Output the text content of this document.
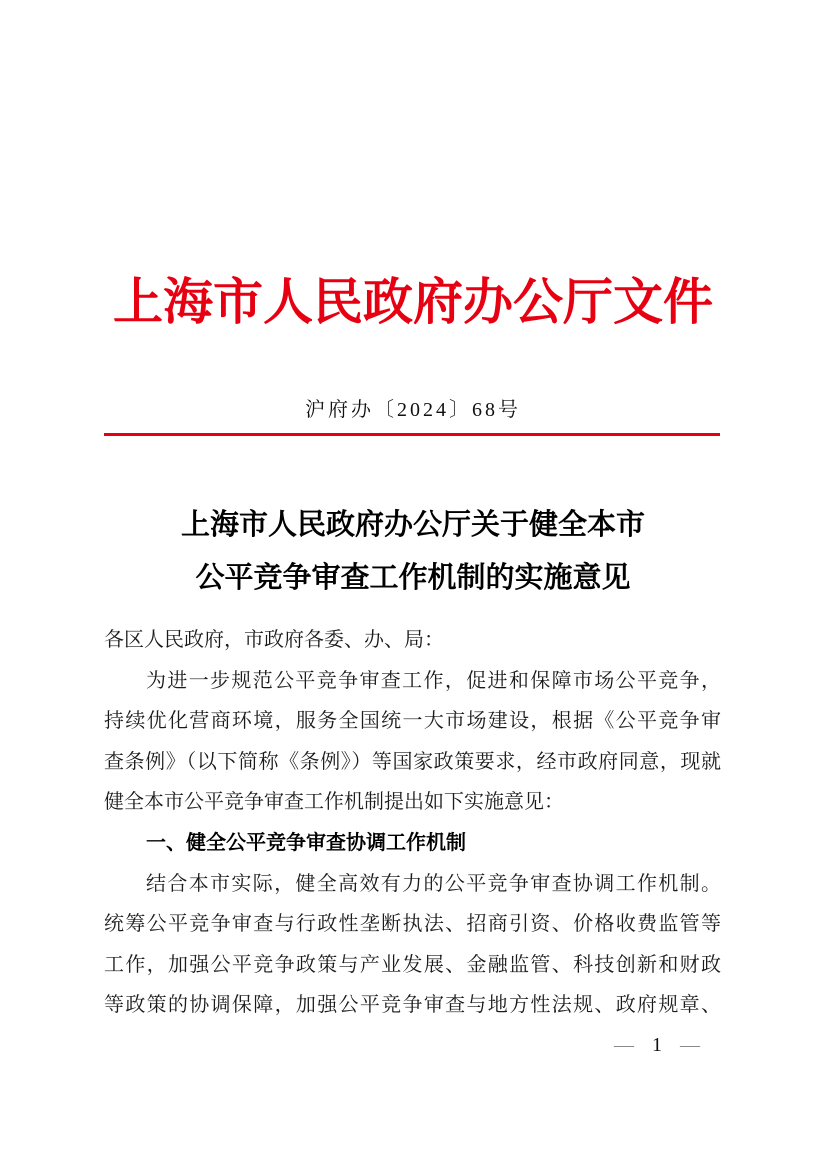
上海市人民政府办公厅文件
沪府办〔2024〕68号
上海市人民政府办公厅关于健全本市
公平竞争审查工作机制的实施意见
各区人民政府，市政府各委、办、局：
为进一步规范公平竞争审查工作，促进和保障市场公平竞争，
持续优化营商环境，服务全国统一大市场建设，根据《公平竞争审
查条例》（以下简称《条例》）等国家政策要求，经市政府同意，现就
健全本市公平竞争审查工作机制提出如下实施意见：
一、健全公平竞争审查协调工作机制
结合本市实际，健全高效有力的公平竞争审查协调工作机制。
统筹公平竞争审查与行政性垄断执法、招商引资、价格收费监管等
工作，加强公平竞争政策与产业发展、金融监管、科技创新和财政
等政策的协调保障，加强公平竞争审查与地方性法规、政府规章、
— 1 —
